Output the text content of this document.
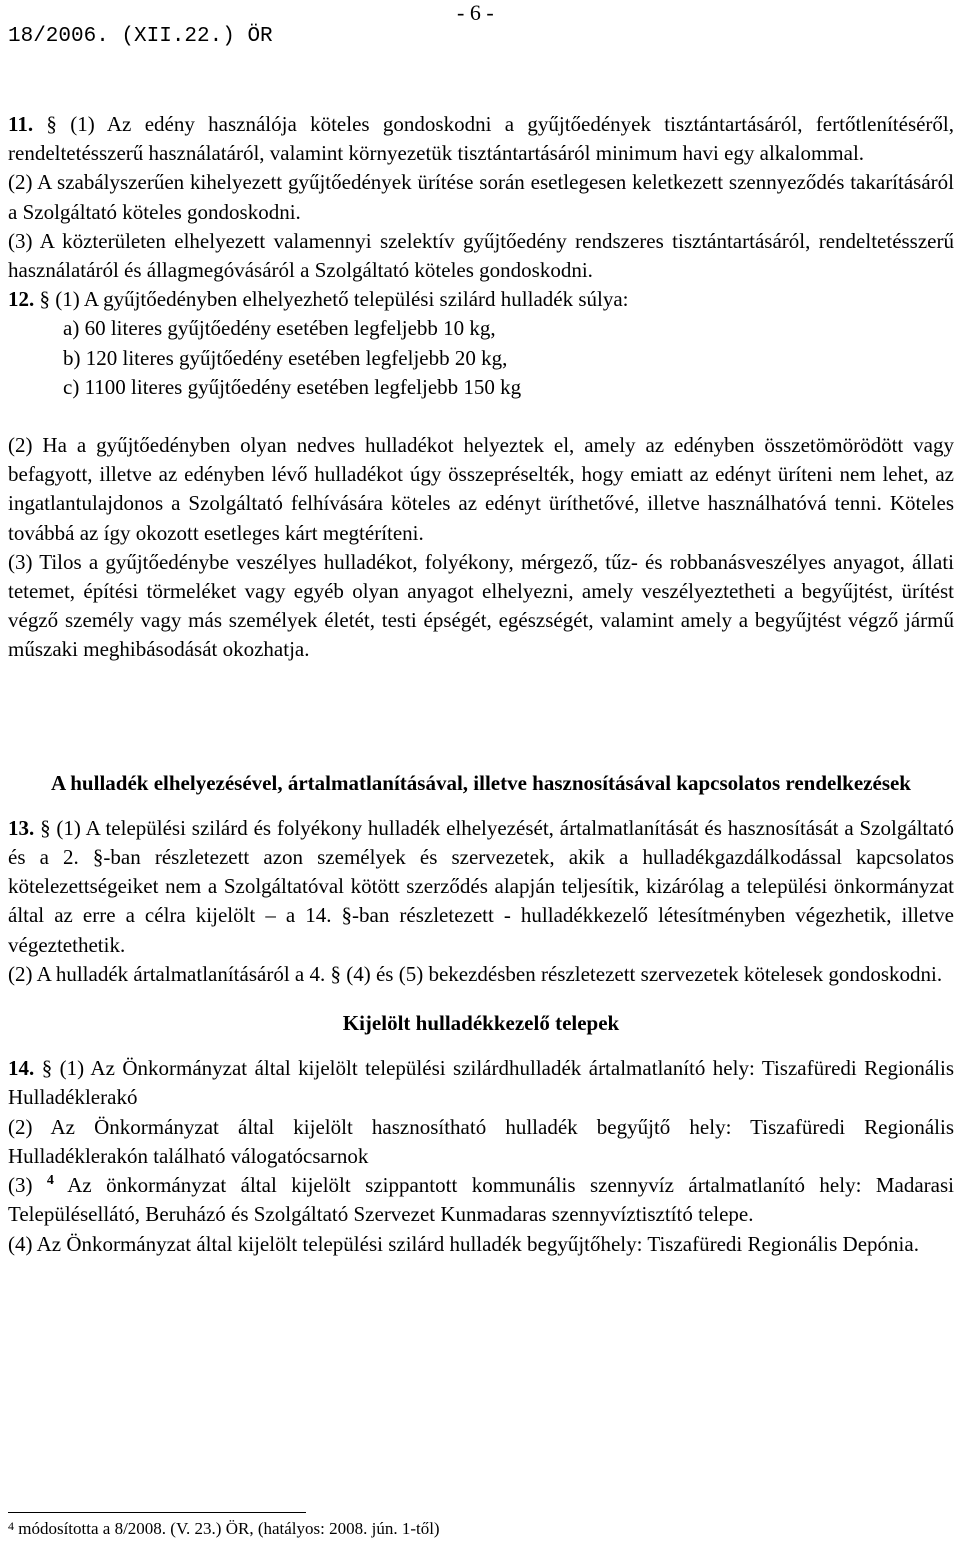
18/2006. (XII.22.) ÖR
- 6 -

11. § (1) Az edény használója köteles gondoskodni a gyűjtőedények tisztántartásáról, fertőtlenítéséről, rendeltetésszerű használatáról, valamint környezetük tisztántartásáról minimum havi egy alkalommal.

(2) A szabályszerűen kihelyezett gyűjtőedények ürítése során esetlegesen keletkezett szennyeződés takarításáról a Szolgáltató köteles gondoskodni.

(3) A közterületen elhelyezett valamennyi szelektív gyűjtőedény rendszeres tisztántartásáról, rendeltetésszerű használatáról és állagmegóvásáról a Szolgáltató köteles gondoskodni.

12. § (1) A gyűjtőedényben elhelyezhető települési szilárd hulladék súlya:

a) 60 literes gyűjtőedény esetében legfeljebb 10 kg,

b) 120 literes gyűjtőedény esetében legfeljebb 20 kg,

c) 1100 literes gyűjtőedény esetében legfeljebb 150 kg

(2) Ha a gyűjtőedényben olyan nedves hulladékot helyeztek el, amely az edényben összetömörödött vagy befagyott, illetve az edényben lévő hulladékot úgy összepréselték, hogy emiatt az edényt üríteni nem lehet, az ingatlantulajdonos a Szolgáltató felhívására köteles az edényt üríthetővé, illetve használhatóvá tenni. Köteles továbbá az így okozott esetleges kárt megtéríteni.

(3) Tilos a gyűjtőedénybe veszélyes hulladékot, folyékony, mérgező, tűz- és robbanásveszélyes anyagot, állati tetemet, építési törmeléket vagy egyéb olyan anyagot elhelyezni, amely veszélyeztetheti a begyűjtést, ürítést végző személy vagy más személyek életét, testi épségét, egészségét, valamint amely a begyűjtést végző jármű műszaki meghibásodását okozhatja.

A hulladék elhelyezésével, ártalmatlanításával, illetve hasznosításával kapcsolatos rendelkezések

13. § (1) A települési szilárd és folyékony hulladék elhelyezését, ártalmatlanítását és hasznosítását a Szolgáltató és a 2. §-ban részletezett azon személyek és szervezetek, akik a hulladékgazdálkodással kapcsolatos kötelezettségeiket nem a Szolgáltatóval kötött szerződés alapján teljesítik, kizárólag a települési önkormányzat által az erre a célra kijelölt – a 14. §-ban részletezett - hulladékkezelő létesítményben végezhetik, illetve végeztethetik.

(2) A hulladék ártalmatlanításáról a 4. § (4) és (5) bekezdésben részletezett szervezetek kötelesek gondoskodni.

Kijelölt hulladékkezelő telepek

14. § (1) Az Önkormányzat által kijelölt települési szilárdhulladék ártalmatlanító hely: Tiszafüredi Regionális Hulladéklerakó

(2) Az Önkormányzat által kijelölt hasznosítható hulladék begyűjtő hely: Tiszafüredi Regionális Hulladéklerakón található válogatócsarnok

(3) $^4$ Az önkormányzat által kijelölt szippantott kommunális szennyvíz ártalmatlanító hely: Madarasi Településellátó, Beruházó és Szolgáltató Szervezet Kunmadaras szennyvíztisztító telepe.

(4) Az Önkormányzat által kijelölt települési szilárd hulladék begyűjtőhely: Tiszafüredi Regionális Depónia.

$^4$ módosította a 8/2008. (V. 23.) ÖR, (hatályos: 2008. jún. 1-től)
